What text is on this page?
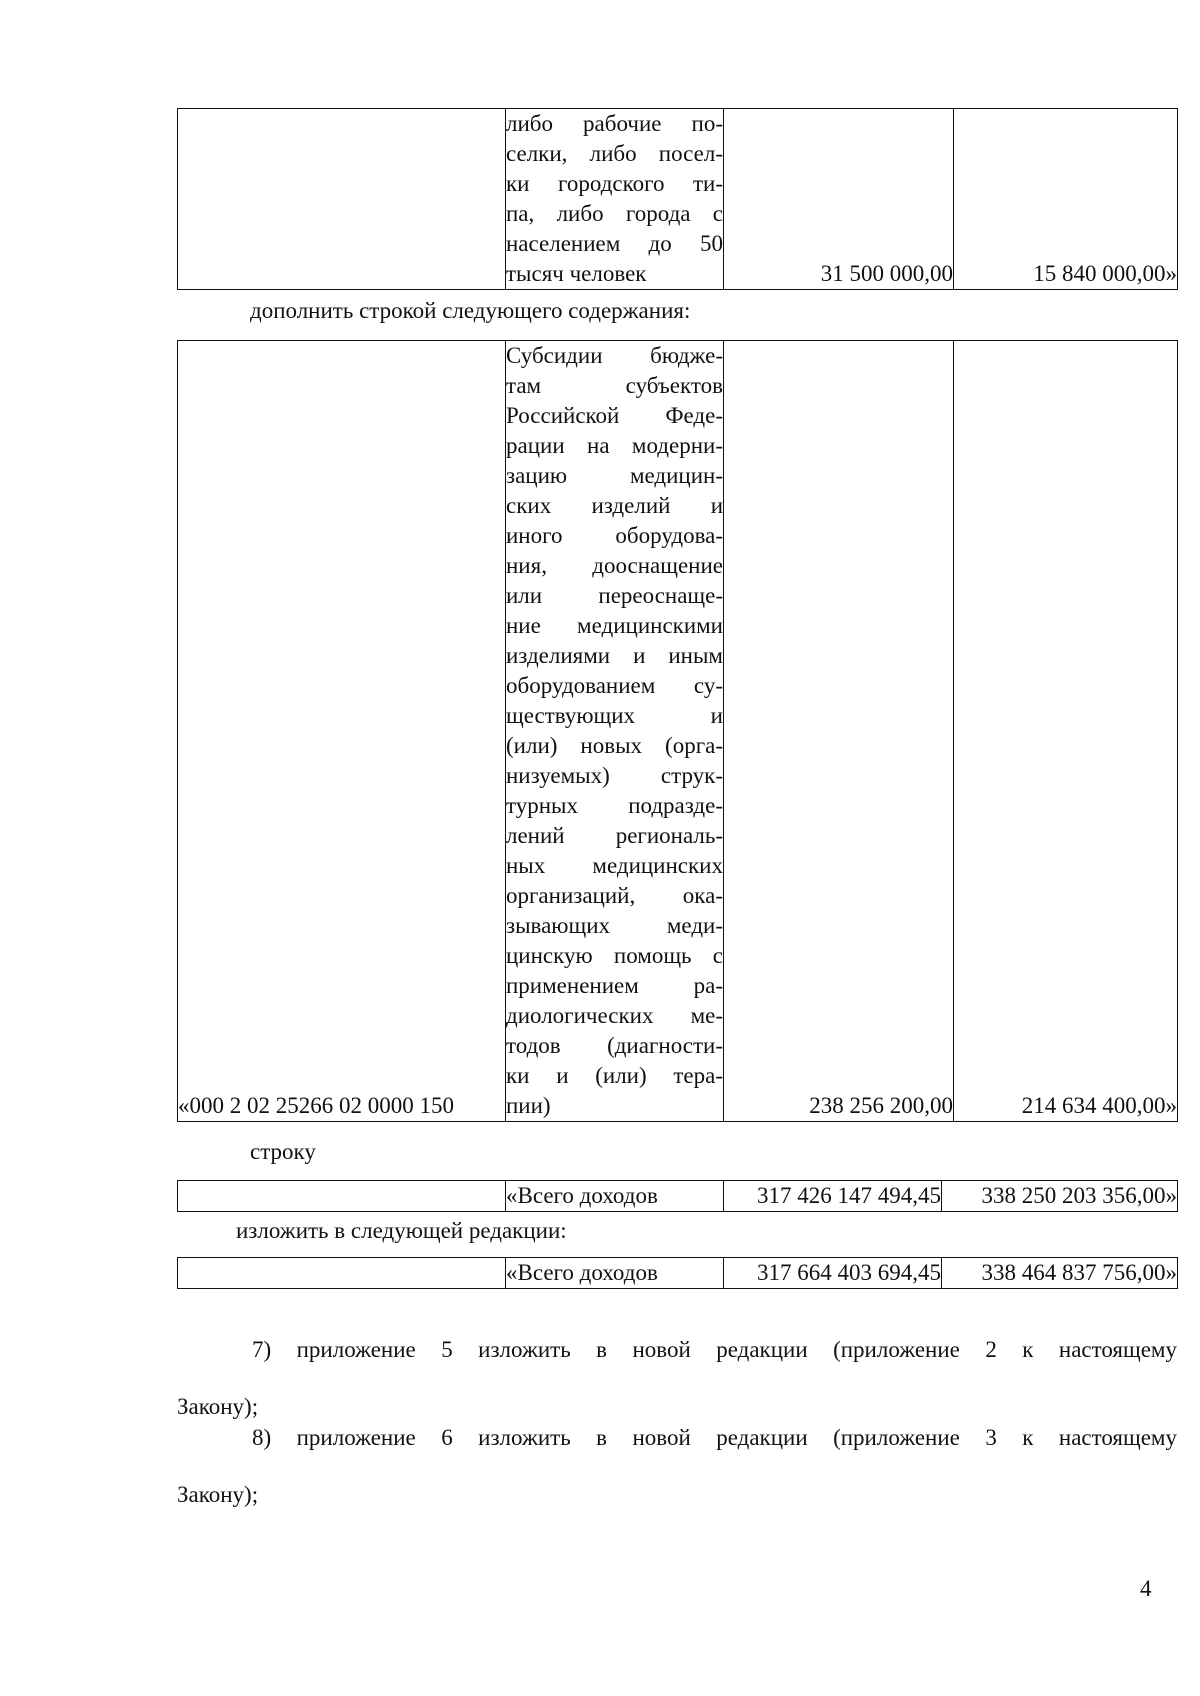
либо рабочие по-
селки, либо посел-
ки городского ти-
па, либо города с
населением до 50
тысяч человек	31 500 000,00	15 840 000,00»
дополнить строкой следующего содержания:
«000 2 02 25266 02 0000 150	
Субсидии бюдже-
там субъектов
Российской Феде-
рации на модерни-
зацию медицин-
ских изделий и
иного оборудова-
ния, дооснащение
или переоснаще-
ние медицинскими
изделиями и иным
оборудованием су-
ществующих и
(или) новых (орга-
низуемых) струк-
турных подразде-
лений региональ-
ных медицинских
организаций, ока-
зывающих меди-
цинскую помощь с
применением ра-
диологических ме-
тодов (диагности-
ки и (или) тера-
пии)	238 256 200,00	214 634 400,00»
строку
	«Всего доходов	317 426 147 494,45	338 250 203 356,00»
изложить в следующей редакции:
	«Всего доходов	317 664 403 694,45	338 464 837 756,00»
7) приложение 5 изложить в новой редакции (приложение 2 к настоящему
Закону);
8) приложение 6 изложить в новой редакции (приложение 3 к настоящему
Закону);
4
